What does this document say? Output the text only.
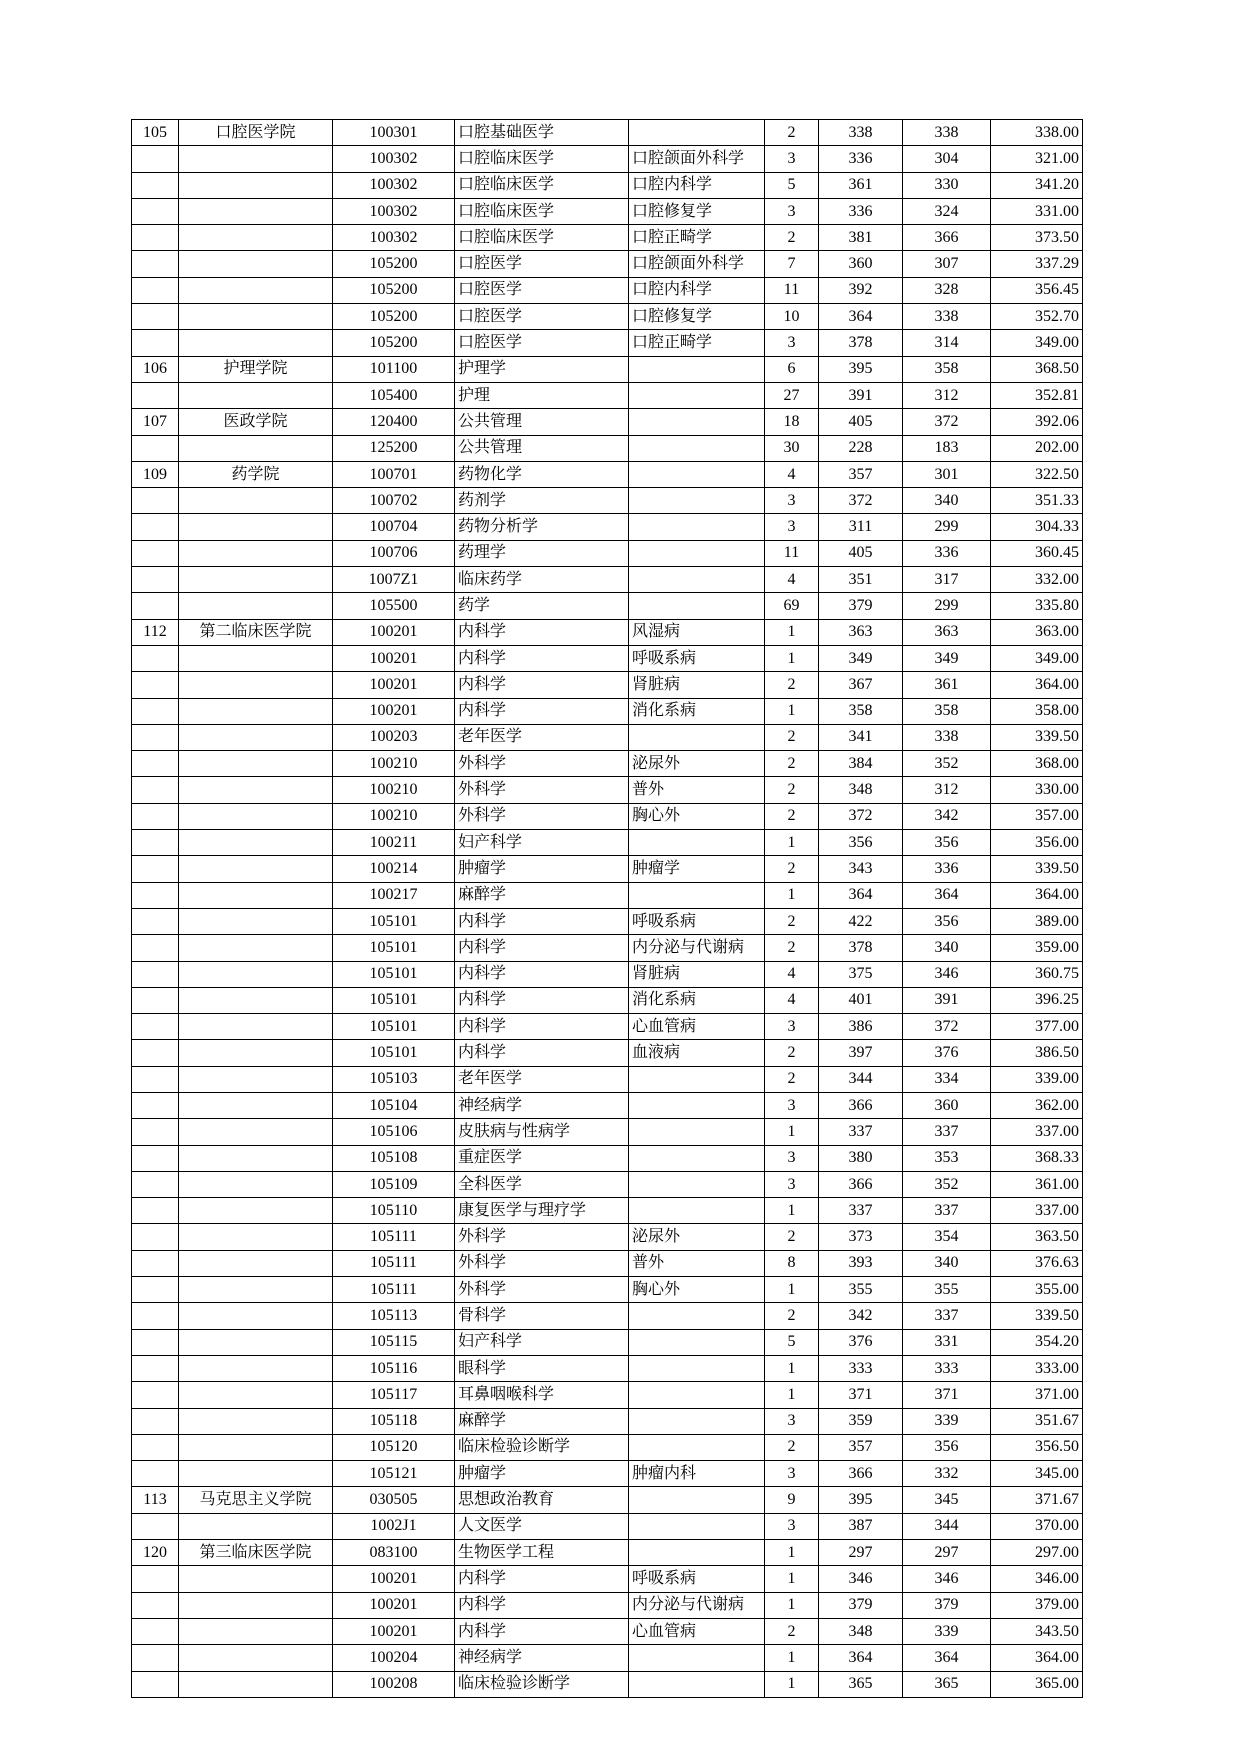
105	口腔医学院	100301	口腔基础医学		2	338	338	338.00
		100302	口腔临床医学	口腔颌面外科学	3	336	304	321.00
		100302	口腔临床医学	口腔内科学	5	361	330	341.20
		100302	口腔临床医学	口腔修复学	3	336	324	331.00
		100302	口腔临床医学	口腔正畸学	2	381	366	373.50
		105200	口腔医学	口腔颌面外科学	7	360	307	337.29
		105200	口腔医学	口腔内科学	11	392	328	356.45
		105200	口腔医学	口腔修复学	10	364	338	352.70
		105200	口腔医学	口腔正畸学	3	378	314	349.00
106	护理学院	101100	护理学		6	395	358	368.50
		105400	护理		27	391	312	352.81
107	医政学院	120400	公共管理		18	405	372	392.06
		125200	公共管理		30	228	183	202.00
109	药学院	100701	药物化学		4	357	301	322.50
		100702	药剂学		3	372	340	351.33
		100704	药物分析学		3	311	299	304.33
		100706	药理学		11	405	336	360.45
		1007Z1	临床药学		4	351	317	332.00
		105500	药学		69	379	299	335.80
112	第二临床医学院	100201	内科学	风湿病	1	363	363	363.00
		100201	内科学	呼吸系病	1	349	349	349.00
		100201	内科学	肾脏病	2	367	361	364.00
		100201	内科学	消化系病	1	358	358	358.00
		100203	老年医学		2	341	338	339.50
		100210	外科学	泌尿外	2	384	352	368.00
		100210	外科学	普外	2	348	312	330.00
		100210	外科学	胸心外	2	372	342	357.00
		100211	妇产科学		1	356	356	356.00
		100214	肿瘤学	肿瘤学	2	343	336	339.50
		100217	麻醉学		1	364	364	364.00
		105101	内科学	呼吸系病	2	422	356	389.00
		105101	内科学	内分泌与代谢病	2	378	340	359.00
		105101	内科学	肾脏病	4	375	346	360.75
		105101	内科学	消化系病	4	401	391	396.25
		105101	内科学	心血管病	3	386	372	377.00
		105101	内科学	血液病	2	397	376	386.50
		105103	老年医学		2	344	334	339.00
		105104	神经病学		3	366	360	362.00
		105106	皮肤病与性病学		1	337	337	337.00
		105108	重症医学		3	380	353	368.33
		105109	全科医学		3	366	352	361.00
		105110	康复医学与理疗学		1	337	337	337.00
		105111	外科学	泌尿外	2	373	354	363.50
		105111	外科学	普外	8	393	340	376.63
		105111	外科学	胸心外	1	355	355	355.00
		105113	骨科学		2	342	337	339.50
		105115	妇产科学		5	376	331	354.20
		105116	眼科学		1	333	333	333.00
		105117	耳鼻咽喉科学		1	371	371	371.00
		105118	麻醉学		3	359	339	351.67
		105120	临床检验诊断学		2	357	356	356.50
		105121	肿瘤学	肿瘤内科	3	366	332	345.00
113	马克思主义学院	030505	思想政治教育		9	395	345	371.67
		1002J1	人文医学		3	387	344	370.00
120	第三临床医学院	083100	生物医学工程		1	297	297	297.00
		100201	内科学	呼吸系病	1	346	346	346.00
		100201	内科学	内分泌与代谢病	1	379	379	379.00
		100201	内科学	心血管病	2	348	339	343.50
		100204	神经病学		1	364	364	364.00
		100208	临床检验诊断学		1	365	365	365.00
